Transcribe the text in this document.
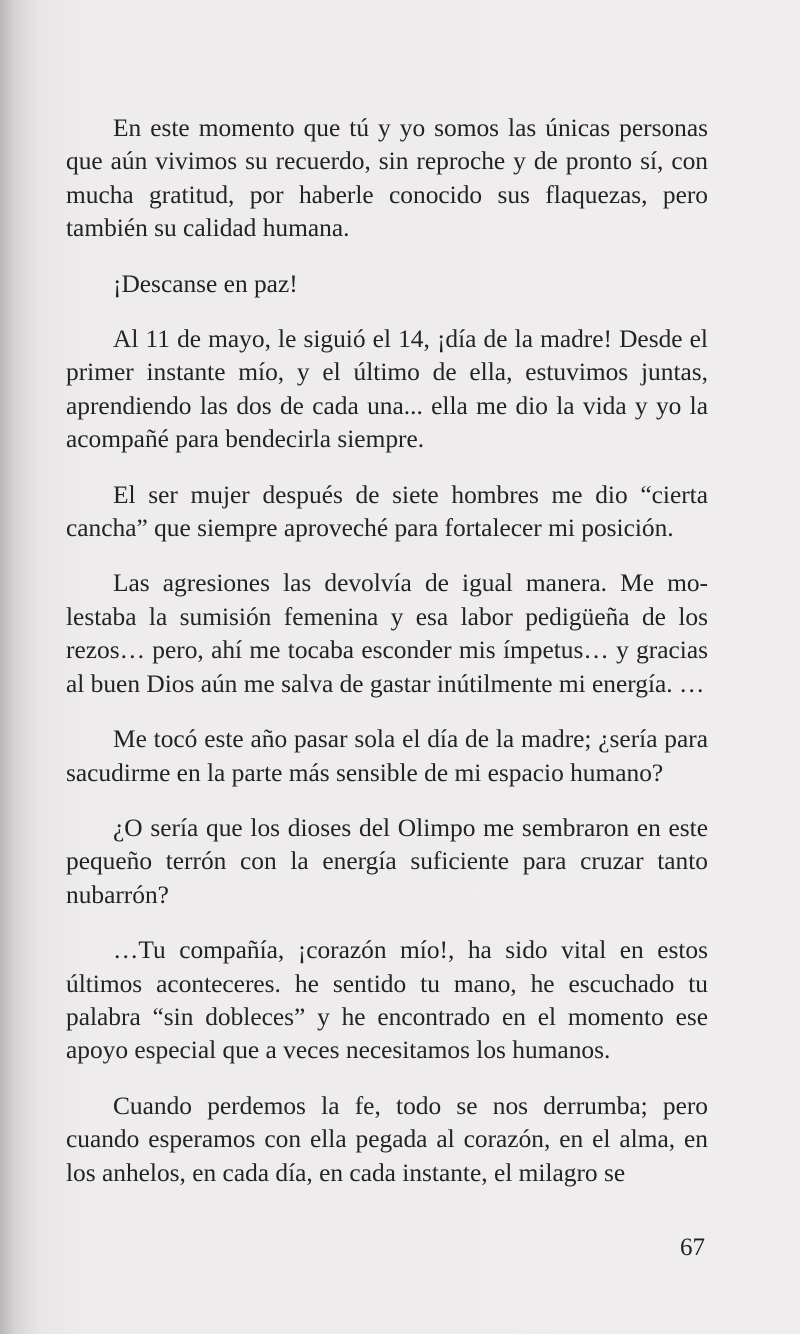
En este momento que tú y yo somos las únicas personas que aún vivimos su recuerdo, sin reproche y de pronto sí, con mucha gratitud, por haberle conocido sus flaquezas, pero también su calidad humana.

¡Descanse en paz!

Al 11 de mayo, le siguió el 14, ¡día de la madre! Desde el primer instante mío, y el último de ella, estuvimos juntas, aprendiendo las dos de cada una... ella me dio la vida y yo la acompañé para bendecirla siempre.

El ser mujer después de siete hombres me dio “cierta cancha” que siempre aproveché para fortalecer mi posición.

Las agresiones las devolvía de igual manera. Me molestaba la sumisión femenina y esa labor pedigüeña de los rezos… pero, ahí me tocaba esconder mis ímpetus… y gracias al buen Dios aún me salva de gastar inútilmente mi energía. …

Me tocó este año pasar sola el día de la madre; ¿sería para sacudirme en la parte más sensible de mi espacio humano?

¿O sería que los dioses del Olimpo me sembraron en este pequeño terrón con la energía suficiente para cruzar tanto nubarrón?

…Tu compañía, ¡corazón mío!, ha sido vital en estos últimos aconteceres. he sentido tu mano, he escuchado tu palabra “sin dobleces” y he encontrado en el momento ese apoyo especial que a veces necesitamos los humanos.

Cuando perdemos la fe, todo se nos derrumba; pero cuando esperamos con ella pegada al corazón, en el alma, en los anhelos, en cada día, en cada instante, el milagro se

67
